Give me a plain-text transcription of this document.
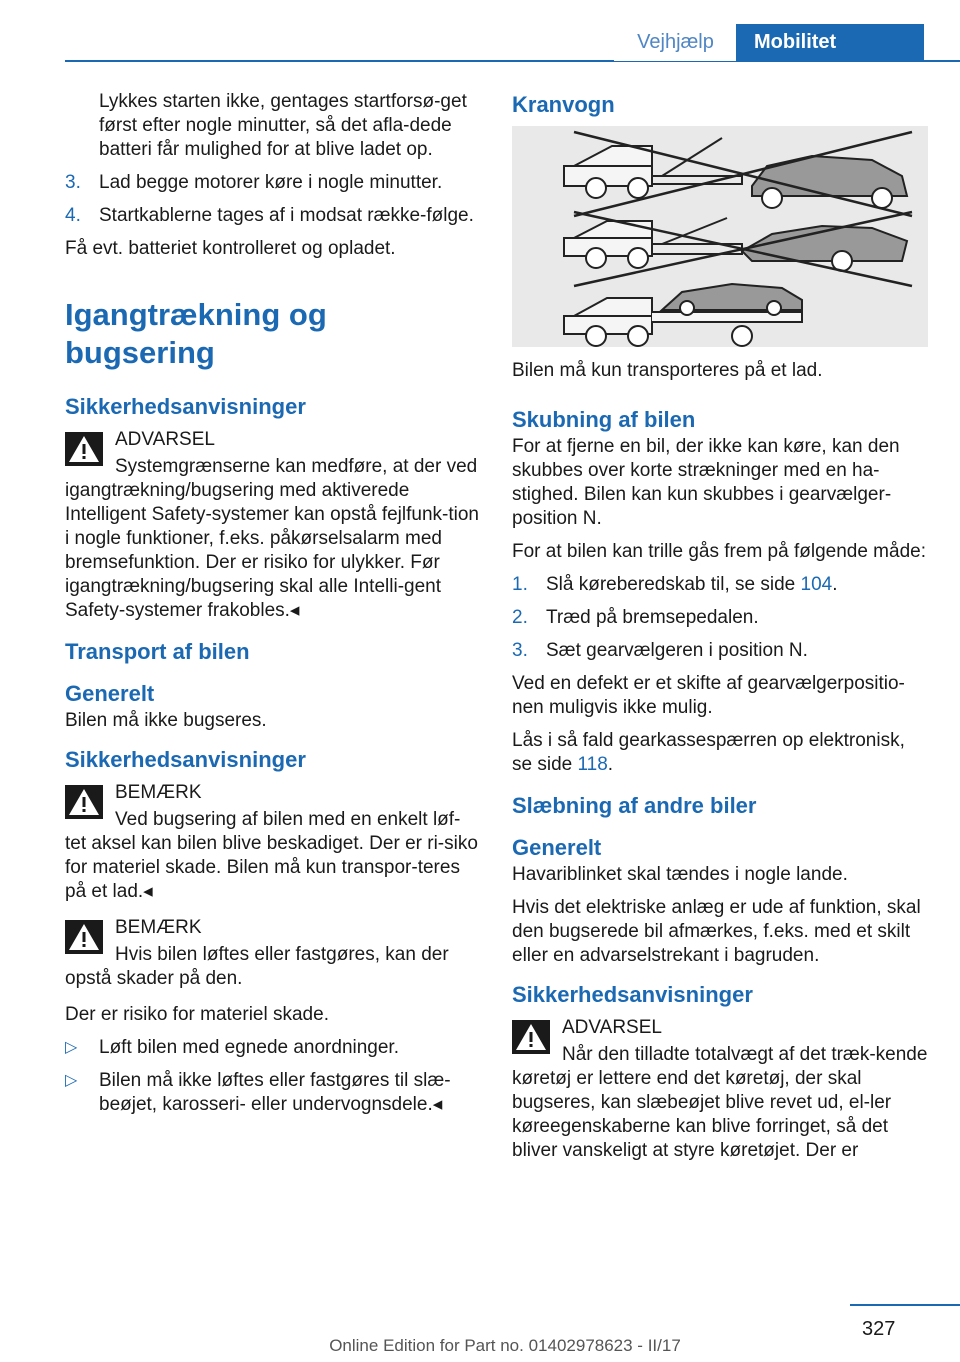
Vejhjælp	Mobilitet

Lykkes starten ikke, gentages startforsø‐get først efter nogle minutter, så det afla‐dede batteri får mulighed for at blive ladet op.

3. Lad begge motorer køre i nogle minutter.
4. Startkablerne tages af i modsat række‐følge.

Få evt. batteriet kontrolleret og opladet.

Igangtrækning og bugsering
Sikkerhedsanvisninger
ADVARSEL
Systemgrænserne kan medføre, at der ved igangtrækning/bugsering med aktiverede Intelligent Safety-systemer kan opstå fejlfunk‐tion i nogle funktioner, f.eks. påkørselsalarm med bremsefunktion. Der er risiko for ulykker. Før igangtrækning/bugsering skal alle Intelli‐gent Safety-systemer frakobles.◂
Transport af bilen
Generelt

Bilen må ikke bugseres.

Sikkerhedsanvisninger
BEMÆRK
Ved bugsering af bilen med en enkelt løf‐tet aksel kan bilen blive beskadiget. Der er ri‐siko for materiel skade. Bilen må kun transpor‐teres på et lad.◂
BEMÆRK
Hvis bilen løftes eller fastgøres, kan der opstå skader på den.

Der er risiko for materiel skade.

▷ Løft bilen med egnede anordninger.
▷ Bilen må ikke løftes eller fastgøres til slæ‐beøjet, karosseri- eller undervognsdele.◂
Kranvogn

Bilen må kun transporteres på et lad.

Skubning af bilen

For at fjerne en bil, der ikke kan køre, kan den skubbes over korte strækninger med en ha‐stighed. Bilen kan kun skubbes i gearvælger-position N.

For at bilen kan trille gås frem på følgende måde:

1. Slå køreberedskab til, se side 104.
2. Træd på bremsepedalen.
3. Sæt gearvælgeren i position N.

Ved en defekt er et skifte af gearvælgerpositio‐nen muligvis ikke mulig.

Lås i så fald gearkassespærren op elektronisk, se side 118.

Slæbning af andre biler
Generelt

Havariblinket skal tændes i nogle lande.

Hvis det elektriske anlæg er ude af funktion, skal den bugserede bil afmærkes, f.eks. med et skilt eller en advarselstrekant i bagruden.

Sikkerhedsanvisninger
ADVARSEL
Når den tilladte totalvægt af det træk‐kende køretøj er lettere end det køretøj, der skal bugseres, kan slæbeøjet blive revet ud, el‐ler køreegenskaberne kan blive forringet, så det bliver vanskeligt at styre køretøjet. Der er
327
Online Edition for Part no. 01402978623 - II/17
